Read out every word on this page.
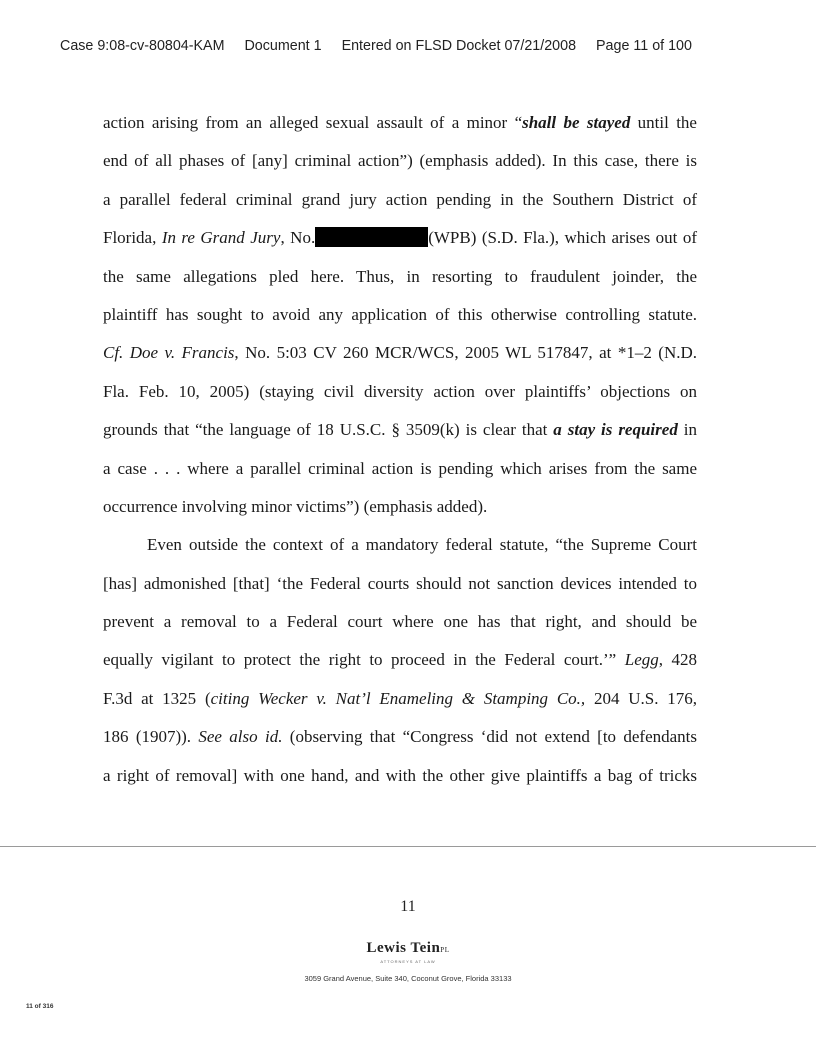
Case 9:08-cv-80804-KAM Document 1 Entered on FLSD Docket 07/21/2008 Page 11 of 100
action arising from an alleged sexual assault of a minor “shall be stayed until the
end of all phases of [any] criminal action”) (emphasis added). In this case, there is
a parallel federal criminal grand jury action pending in the Southern District of
Florida, In re Grand Jury, No.	(WPB) (S.D. Fla.), which arises out of
the same allegations pled here. Thus, in resorting to fraudulent joinder, the
plaintiff has sought to avoid any application of this otherwise controlling statute.
Cf. Doe v. Francis, No. 5:03 CV 260 MCR/WCS, 2005 WL 517847, at *1–2 (N.D.
Fla. Feb. 10, 2005) (staying civil diversity action over plaintiffs’ objections on
grounds that “the language of 18 U.S.C. § 3509(k) is clear that a stay is required in
a case . . . where a parallel criminal action is pending which arises from the same
occurrence involving minor victims”) (emphasis added).
Even outside the context of a mandatory federal statute, “the Supreme Court
[has] admonished [that] ‘the Federal courts should not sanction devices intended to
prevent a removal to a Federal court where one has that right, and should be
equally vigilant to protect the right to proceed in the Federal court.’” Legg, 428
F.3d at 1325 (citing Wecker v. Nat’l Enameling & Stamping Co., 204 U.S. 176,
186 (1907)). See also id. (observing that “Congress ‘did not extend [to defendants
a right of removal] with one hand, and with the other give plaintiffs a bag of tricks
11
Lewis TeinPL
ATTORNEYS AT LAW
3059 Grand Avenue, Suite 340, Coconut Grove, Florida 33133
11 of 316
